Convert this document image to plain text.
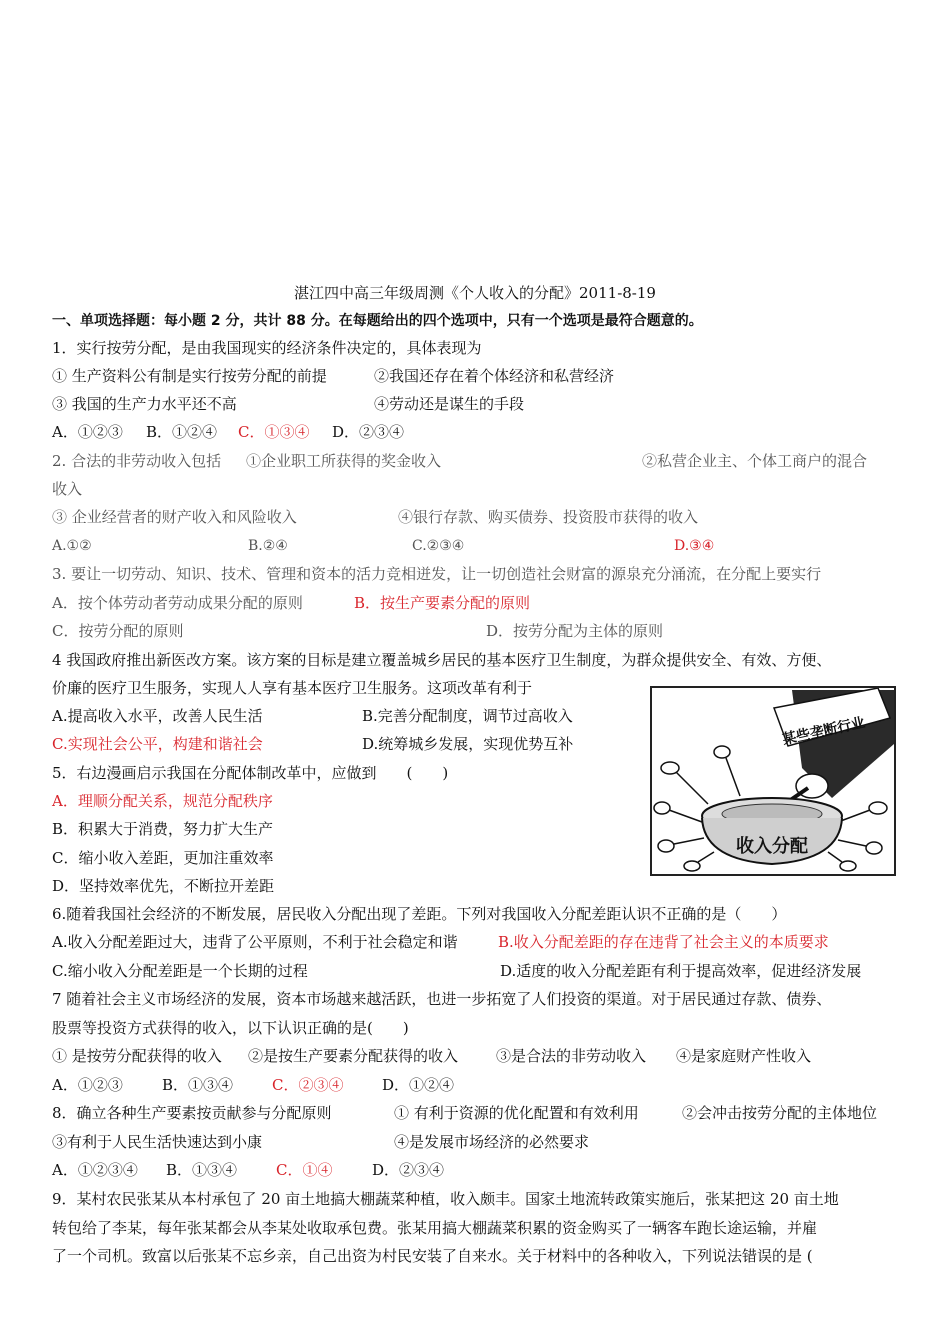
湛江四中高三年级周测《个人收入的分配》2011-8-19
一、单项选择题：每小题 2 分，共计 88 分。在每题给出的四个选项中，只有一个选项是最符合题意的。
1．实行按劳分配，是由我国现实的经济条件决定的，具体表现为
① 生产资料公有制是实行按劳分配的前提	②我国还存在着个体经济和私营经济
③ 我国的生产力水平还不高	④劳动还是谋生的手段
A．①②③ B．①②④ C．①③④ D．②③④
2. 合法的非劳动收入包括 ①企业职工所获得的奖金收入	②私营企业主、个体工商户的混合
收入
③ 企业经营者的财产收入和风险收入	④银行存款、购买债券、投资股市获得的收入
A.①②	B.②④	C.②③④	D.③④
3. 要让一切劳动、知识、技术、管理和资本的活力竞相迸发，让一切创造社会财富的源泉充分涌流，在分配上要实行
A．按个体劳动者劳动成果分配的原则	B．按生产要素分配的原则
C．按劳分配的原则	D．按劳分配为主体的原则
4 我国政府推出新医改方案。该方案的目标是建立覆盖城乡居民的基本医疗卫生制度，为群众提供安全、有效、方便、
价廉的医疗卫生服务，实现人人享有基本医疗卫生服务。这项改革有利于
A.提高收入水平，改善人民生活	B.完善分配制度，调节过高收入
C.实现社会公平，构建和谐社会	D.统筹城乡发展，实现优势互补
5．右边漫画启示我国在分配体制改革中，应做到　　(　　)
A．理顺分配关系，规范分配秩序
B．积累大于消费，努力扩大生产
C．缩小收入差距，更加注重效率
D．坚持效率优先，不断拉开差距
某些垄断行业
收入分配
6.随着我国社会经济的不断发展，居民收入分配出现了差距。下列对我国收入分配差距认识不正确的是（　　）
A.收入分配差距过大，违背了公平原则，不利于社会稳定和谐	B.收入分配差距的存在违背了社会主义的本质要求
C.缩小收入分配差距是一个长期的过程	D.适度的收入分配差距有利于提高效率，促进经济发展
7 随着社会主义市场经济的发展，资本市场越来越活跃，也进一步拓宽了人们投资的渠道。对于居民通过存款、债券、
股票等投资方式获得的收入，以下认识正确的是(　　)
① 是按劳分配获得的收入 ②是按生产要素分配获得的收入	③是合法的非劳动收入 ④是家庭财产性收入
A．①②③	B．①③④	C．②③④	D．①②④
8．确立各种生产要素按贡献参与分配原则	① 有利于资源的优化配置和有效利用	②会冲击按劳分配的主体地位
③有利于人民生活快速达到小康	④是发展市场经济的必然要求
A．①②③④ B．①③④	C．①④	D．②③④
9．某村农民张某从本村承包了 20 亩土地搞大棚蔬菜种植，收入颇丰。国家土地流转政策实施后，张某把这 20 亩土地
转包给了李某，每年张某都会从李某处收取承包费。张某用搞大棚蔬菜积累的资金购买了一辆客车跑长途运输，并雇
了一个司机。致富以后张某不忘乡亲，自己出资为村民安装了自来水。关于材料中的各种收入，下列说法错误的是 (
